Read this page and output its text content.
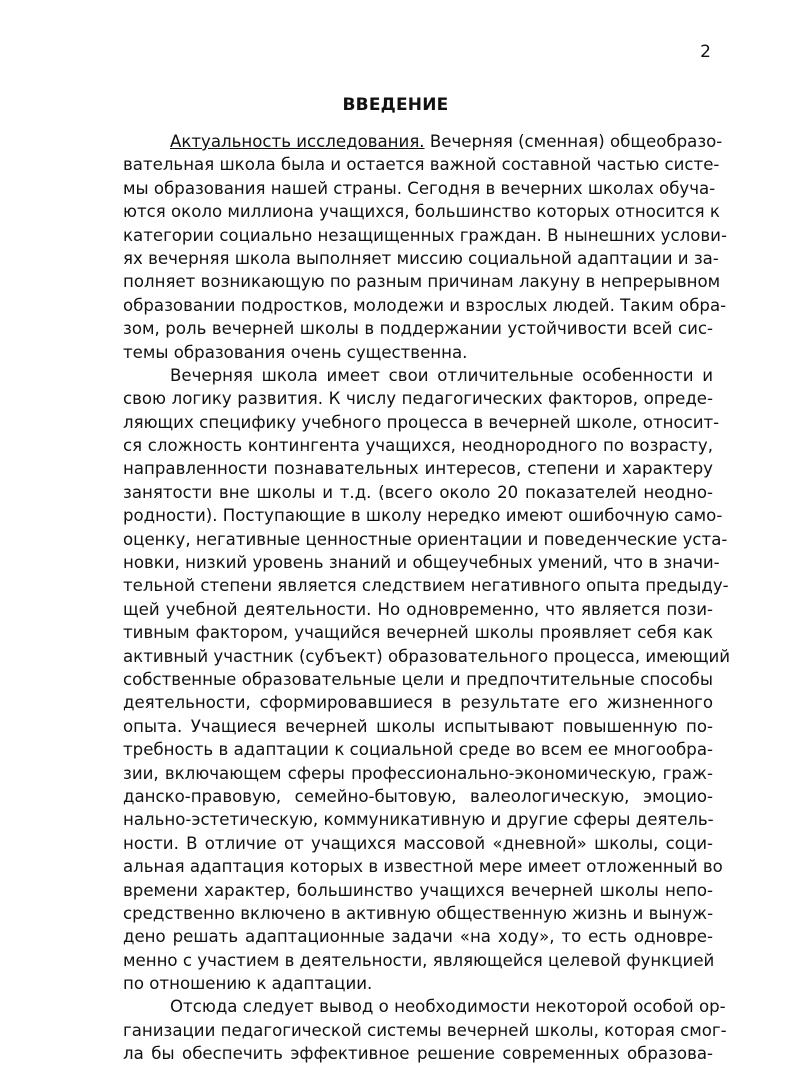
2
ВВЕДЕНИЕ
Актуальность исследования. Вечерняя (сменная) общеобразо-
вательная школа была и остается важной составной частью систе-
мы образования нашей страны. Сегодня в вечерних школах обуча-
ются около миллиона учащихся, большинство которых относится к
категории социально незащищенных граждан. В нынешних услови-
ях вечерняя школа выполняет миссию социальной адаптации и за-
полняет возникающую по разным причинам лакуну в непрерывном
образовании подростков, молодежи и взрослых людей. Таким обра-
зом, роль вечерней школы в поддержании устойчивости всей сис-
темы образования очень существенна.
Вечерняя школа имеет свои отличительные особенности и
свою логику развития. К числу педагогических факторов, опреде-
ляющих специфику учебного процесса в вечерней школе, относит-
ся сложность контингента учащихся, неоднородного по возрасту,
направленности познавательных интересов, степени и характеру
занятости вне школы и т.д. (всего около 20 показателей неодно-
родности). Поступающие в школу нередко имеют ошибочную само-
оценку, негативные ценностные ориентации и поведенческие уста-
новки, низкий уровень знаний и общеучебных умений, что в значи-
тельной степени является следствием негативного опыта предыду-
щей учебной деятельности. Но одновременно, что является пози-
тивным фактором, учащийся вечерней школы проявляет себя как
активный участник (субъект) образовательного процесса, имеющий
собственные образовательные цели и предпочтительные способы
деятельности, сформировавшиеся в результате его жизненного
опыта. Учащиеся вечерней школы испытывают повышенную по-
требность в адаптации к социальной среде во всем ее многообра-
зии, включающем сферы профессионально-экономическую, граж-
данско-правовую, семейно-бытовую, валеологическую, эмоцио-
нально-эстетическую, коммуникативную и другие сферы деятель-
ности. В отличие от учащихся массовой «дневной» школы, соци-
альная адаптация которых в известной мере имеет отложенный во
времени характер, большинство учащихся вечерней школы непо-
средственно включено в активную общественную жизнь и вынуж-
дено решать адаптационные задачи «на ходу», то есть одновре-
менно с участием в деятельности, являющейся целевой функцией
по отношению к адаптации.
Отсюда следует вывод о необходимости некоторой особой ор-
ганизации педагогической системы вечерней школы, которая смог-
ла бы обеспечить эффективное решение современных образова-
